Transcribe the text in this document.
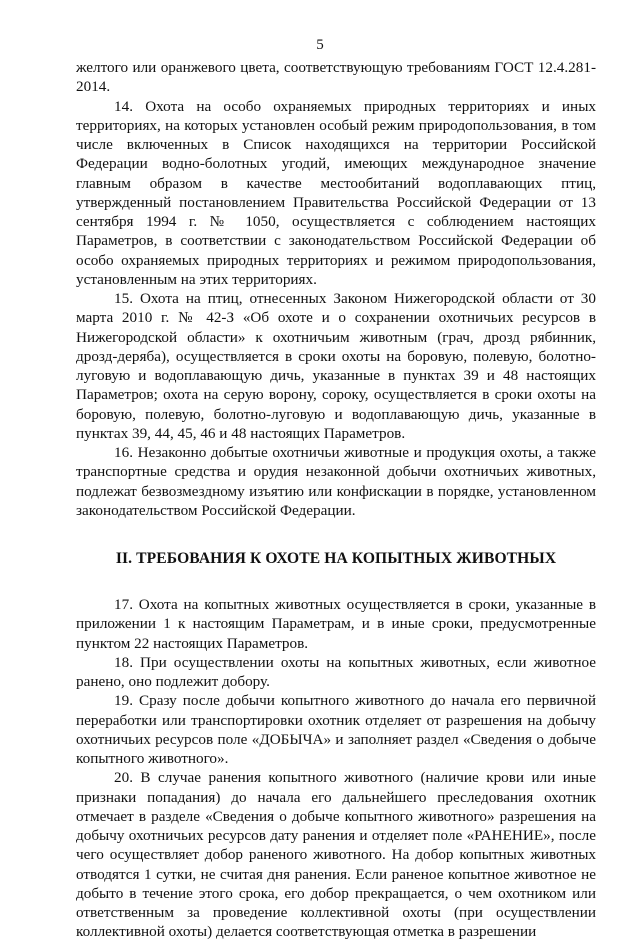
5

желтого или оранжевого цвета, соответствующую требованиям ГОСТ 12.4.281-2014.

14. Охота на особо охраняемых природных территориях и иных территориях, на которых установлен особый режим природопользования, в том числе включенных в Список находящихся на территории Российской Федерации водно-болотных угодий, имеющих международное значение главным образом в качестве местообитаний водоплавающих птиц, утвержденный постановлением Правительства Российской Федерации от 13 сентября 1994 г. № 1050, осуществляется с соблюдением настоящих Параметров, в соответствии с законодательством Российской Федерации об особо охраняемых природных территориях и режимом природопользования, установленным на этих территориях.

15. Охота на птиц, отнесенных Законом Нижегородской области от 30 марта 2010 г. № 42-З «Об охоте и о сохранении охотничьих ресурсов в Нижегородской области» к охотничьим животным (грач, дрозд рябинник, дрозд-деряба), осуществляется в сроки охоты на боровую, полевую, болотно-луговую и водоплавающую дичь, указанные в пунктах 39 и 48 настоящих Параметров; охота на серую ворону, сороку, осуществляется в сроки охоты на боровую, полевую, болотно-луговую и водоплавающую дичь, указанные в пунктах 39, 44, 45, 46 и 48 настоящих Параметров.

16. Незаконно добытые охотничьи животные и продукция охоты, а также транспортные средства и орудия незаконной добычи охотничьих животных, подлежат безвозмездному изъятию или конфискации в порядке, установленном законодательством Российской Федерации.

II. ТРЕБОВАНИЯ К ОХОТЕ НА КОПЫТНЫХ ЖИВОТНЫХ

17. Охота на копытных животных осуществляется в сроки, указанные в приложении 1 к настоящим Параметрам, и в иные сроки, предусмотренные пунктом 22 настоящих Параметров.

18. При осуществлении охоты на копытных животных, если животное ранено, оно подлежит добору.

19. Сразу после добычи копытного животного до начала его первичной переработки или транспортировки охотник отделяет от разрешения на добычу охотничьих ресурсов поле «ДОБЫЧА» и заполняет раздел «Сведения о добыче копытного животного».

20. В случае ранения копытного животного (наличие крови или иные признаки попадания) до начала его дальнейшего преследования охотник отмечает в разделе «Сведения о добыче копытного животного» разрешения на добычу охотничьих ресурсов дату ранения и отделяет поле «РАНЕНИЕ», после чего осуществляет добор раненого животного. На добор копытных животных отводятся 1 сутки, не считая дня ранения. Если раненое копытное животное не добыто в течение этого срока, его добор прекращается, о чем охотником или ответственным за проведение коллективной охоты (при осуществлении коллективной охоты) делается соответствующая отметка в разрешении
